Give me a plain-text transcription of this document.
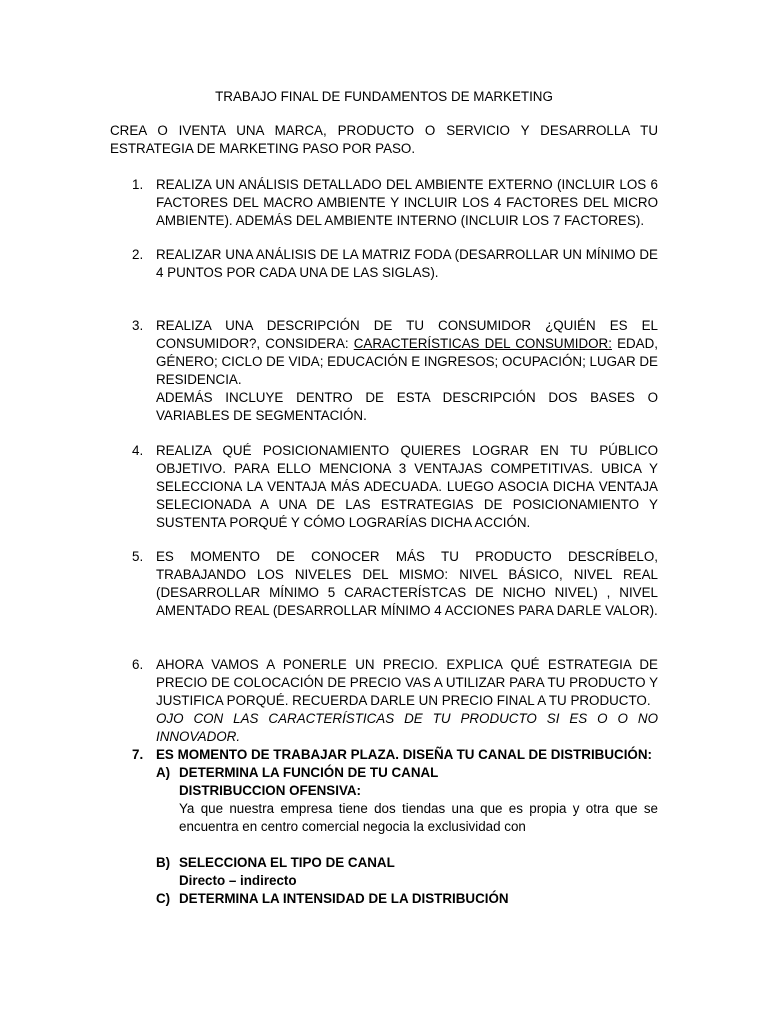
TRABAJO FINAL DE FUNDAMENTOS DE MARKETING
CREA O IVENTA UNA MARCA, PRODUCTO O SERVICIO Y DESARROLLA TU ESTRATEGIA DE MARKETING PASO POR PASO.
1. REALIZA UN ANÁLISIS DETALLADO DEL AMBIENTE EXTERNO (INCLUIR LOS 6 FACTORES DEL MACRO AMBIENTE Y INCLUIR LOS 4 FACTORES DEL MICRO AMBIENTE). ADEMÁS DEL AMBIENTE INTERNO (INCLUIR LOS 7 FACTORES).

2. REALIZAR UNA ANÁLISIS DE LA MATRIZ FODA (DESARROLLAR UN MÍNIMO DE 4 PUNTOS POR CADA UNA DE LAS SIGLAS).

3. REALIZA UNA DESCRIPCIÓN DE TU CONSUMIDOR ¿QUIÉN ES EL CONSUMIDOR?, CONSIDERA: CARACTERÍSTICAS DEL CONSUMIDOR: EDAD, GÉNERO; CICLO DE VIDA; EDUCACIÓN E INGRESOS; OCUPACIÓN; LUGAR DE RESIDENCIA.

ADEMÁS INCLUYE DENTRO DE ESTA DESCRIPCIÓN DOS BASES O VARIABLES DE SEGMENTACIÓN.

4. REALIZA QUÉ POSICIONAMIENTO QUIERES LOGRAR EN TU PÚBLICO OBJETIVO. PARA ELLO MENCIONA 3 VENTAJAS COMPETITIVAS. UBICA Y SELECCIONA LA VENTAJA MÁS ADECUADA. LUEGO ASOCIA DICHA VENTAJA SELECIONADA A UNA DE LAS ESTRATEGIAS DE POSICIONAMIENTO Y SUSTENTA PORQUÉ Y CÓMO LOGRARÍAS DICHA ACCIÓN.

5. ES MOMENTO DE CONOCER MÁS TU PRODUCTO DESCRÍBELO, TRABAJANDO LOS NIVELES DEL MISMO: NIVEL BÁSICO, NIVEL REAL (DESARROLLAR MÍNIMO 5 CARACTERÍSTCAS DE NICHO NIVEL) , NIVEL AMENTADO REAL (DESARROLLAR MÍNIMO 4 ACCIONES PARA DARLE VALOR).

6. AHORA VAMOS A PONERLE UN PRECIO. EXPLICA QUÉ ESTRATEGIA DE PRECIO DE COLOCACIÓN DE PRECIO VAS A UTILIZAR PARA TU PRODUCTO Y JUSTIFICA PORQUÉ. RECUERDA DARLE UN PRECIO FINAL A TU PRODUCTO.

OJO CON LAS CARACTERÍSTICAS DE TU PRODUCTO SI ES O O NO INNOVADOR.

7. ES MOMENTO DE TRABAJAR PLAZA. DISEÑA TU CANAL DE DISTRIBUCIÓN:

A) DETERMINA LA FUNCIÓN DE TU CANAL

DISTRIBUCCION OFENSIVA:

Ya que nuestra empresa tiene dos tiendas una que es propia y otra que se encuentra en centro comercial negocia la exclusividad con

B) SELECCIONA EL TIPO DE CANAL

Directo – indirecto

C) DETERMINA LA INTENSIDAD DE LA DISTRIBUCIÓN
